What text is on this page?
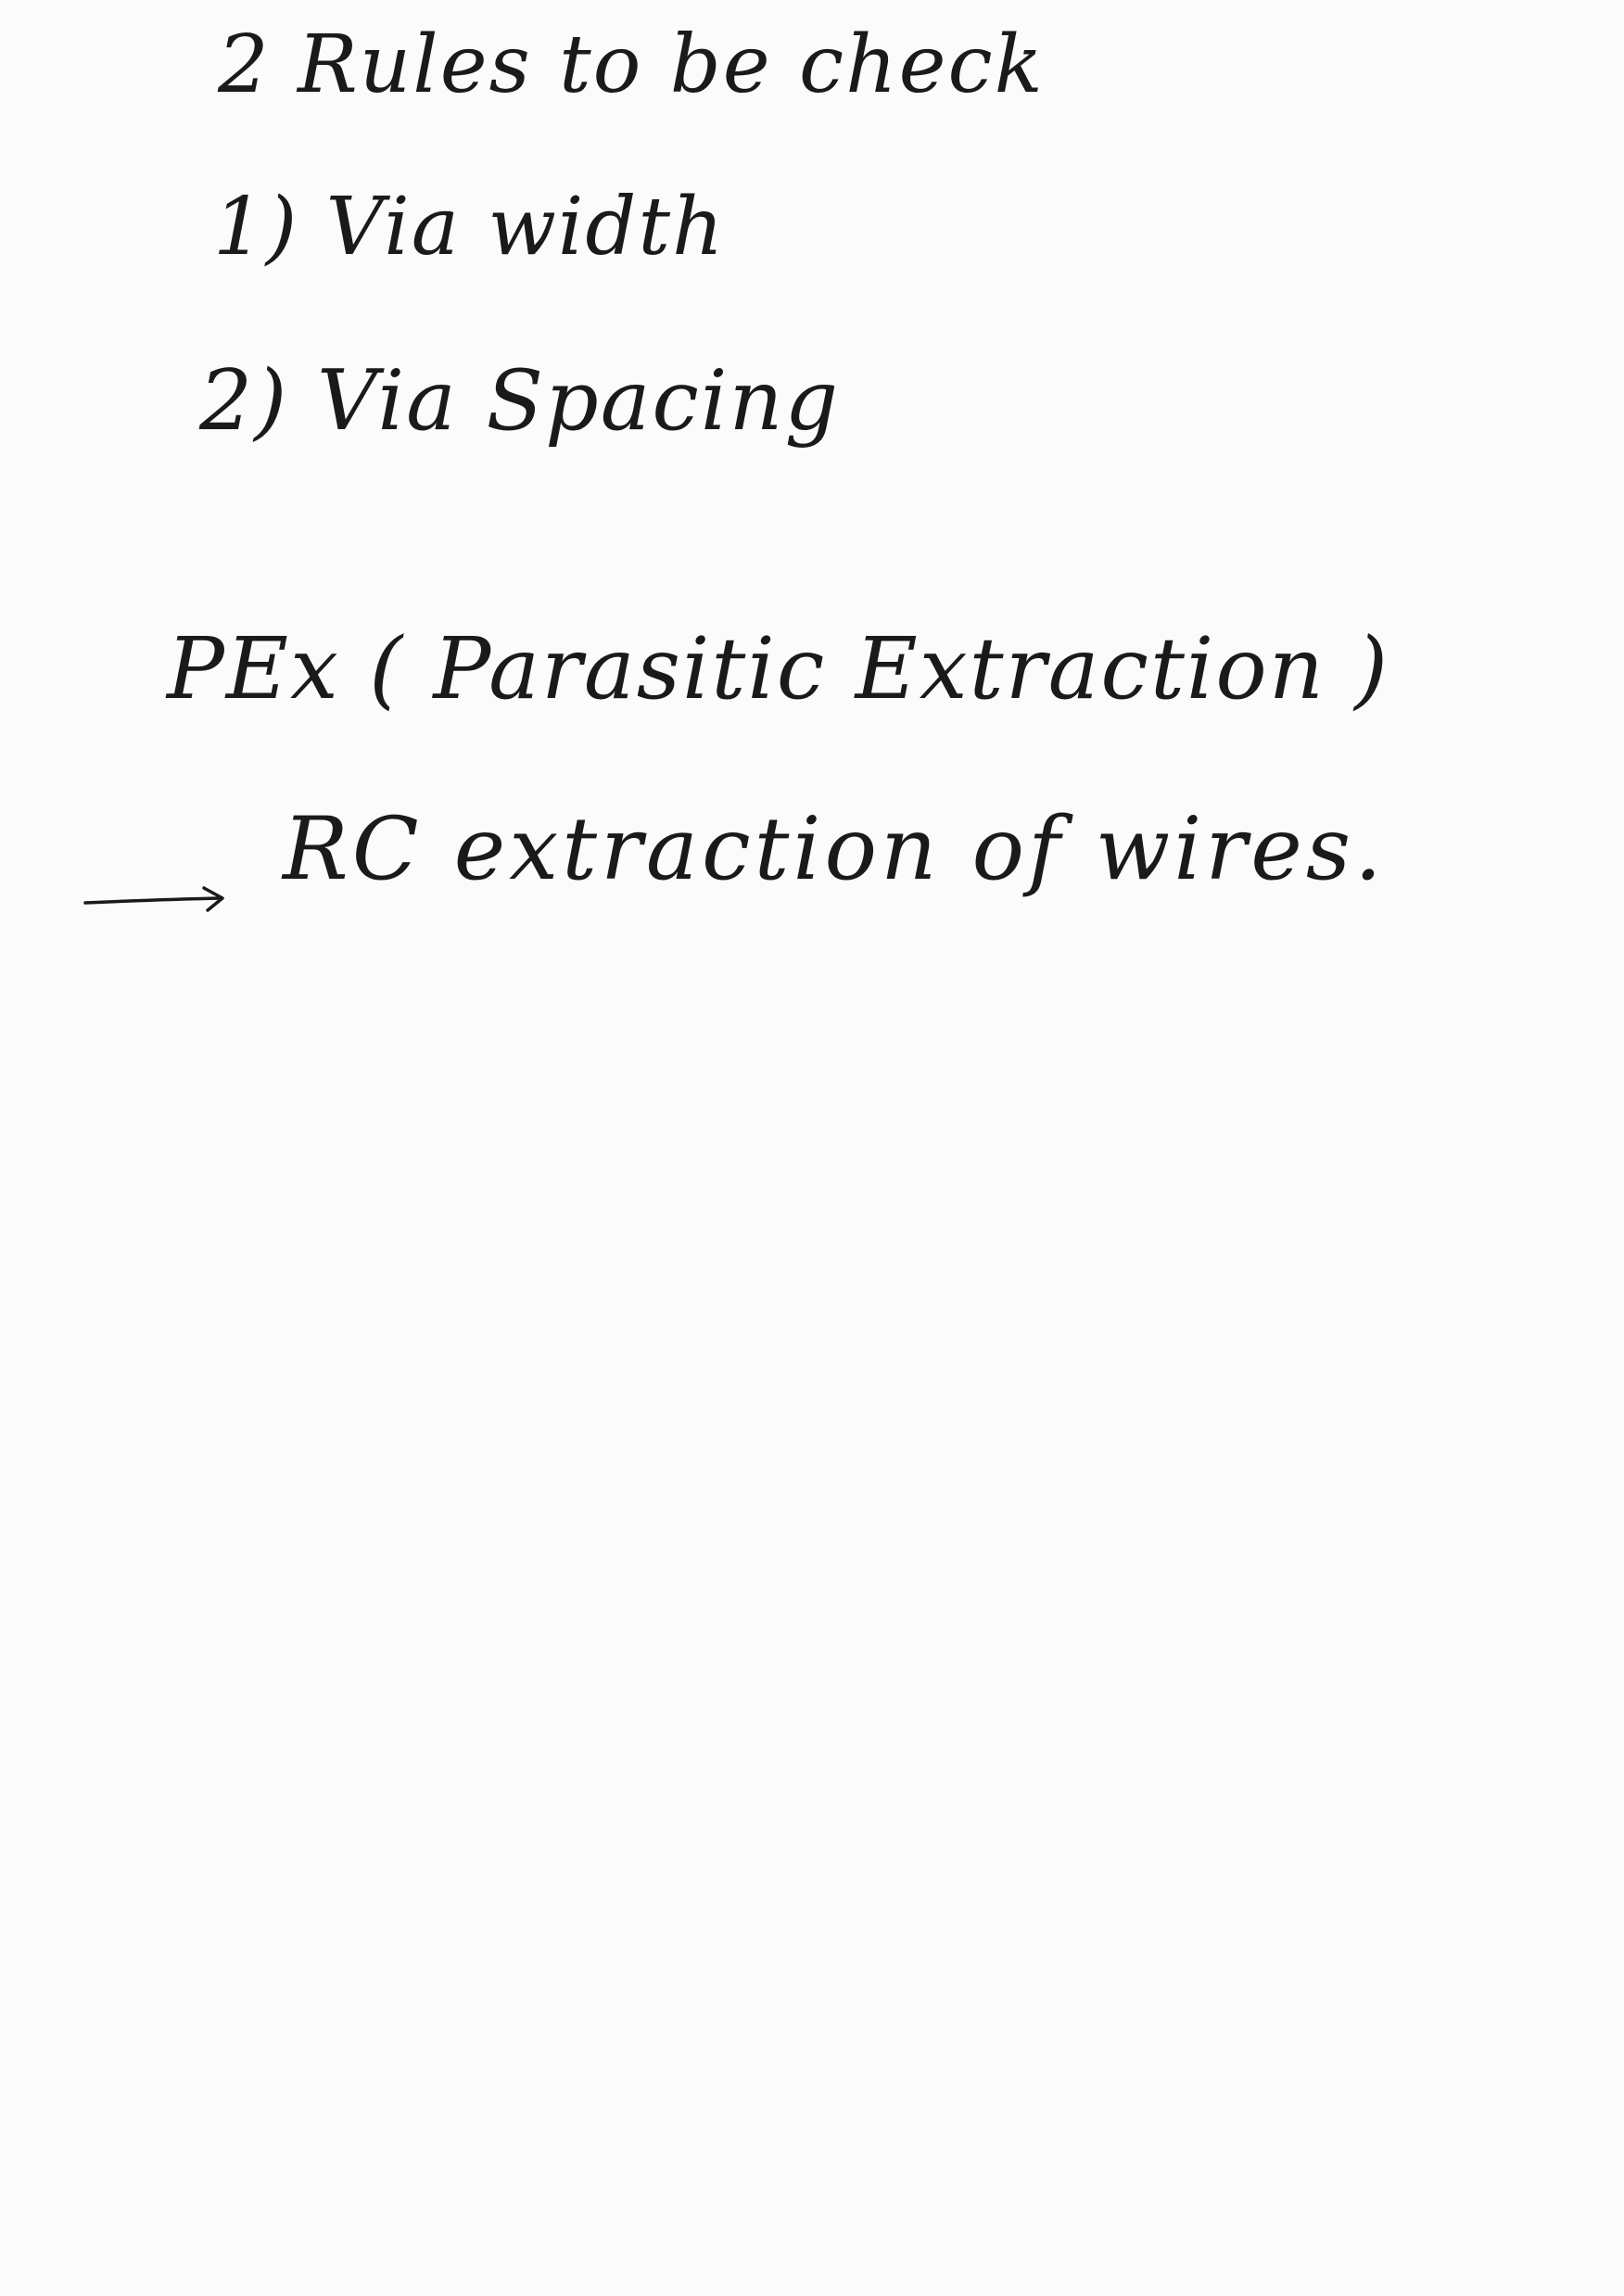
2 Rules to be check
1) Via width
2) Via Spacing
PEx ( Parasitic Extraction )
RC extraction of wires.
